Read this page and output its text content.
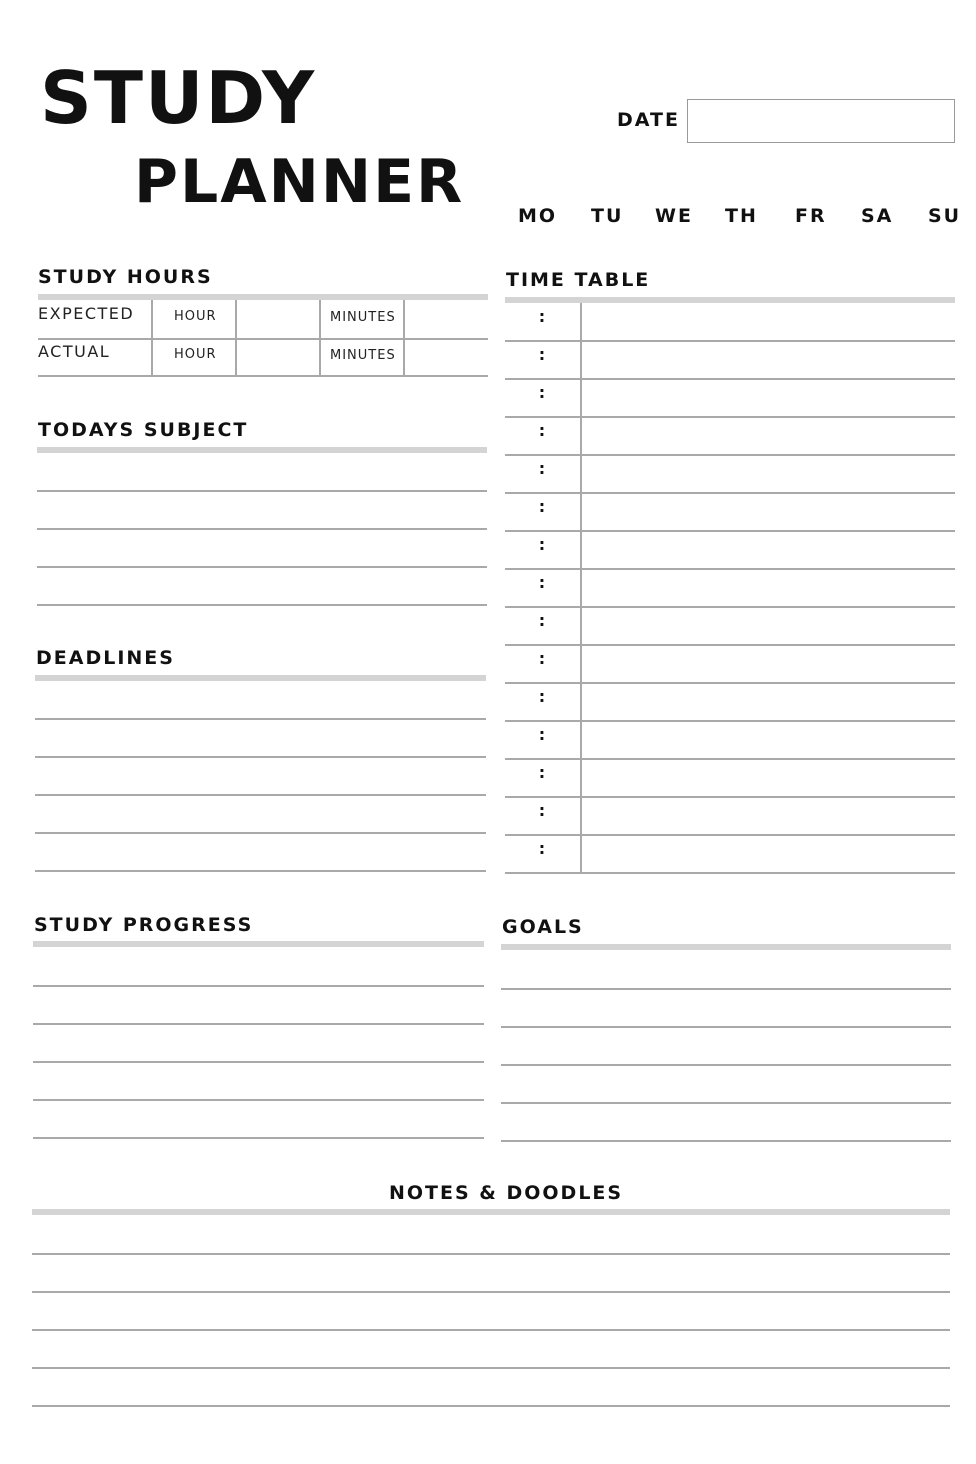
STUDY
PLANNER
DATE
MO TU WE TH FR SA SU
STUDY HOURS
EXPECTED	HOUR	MINUTES
ACTUAL	HOUR	MINUTES
TODAYS SUBJECT
DEADLINES
TIME TABLE
:
:
:
:
:
:
:
:
:
:
:
:
:
:
:
STUDY PROGRESS	GOALS
NOTES & DOODLES
